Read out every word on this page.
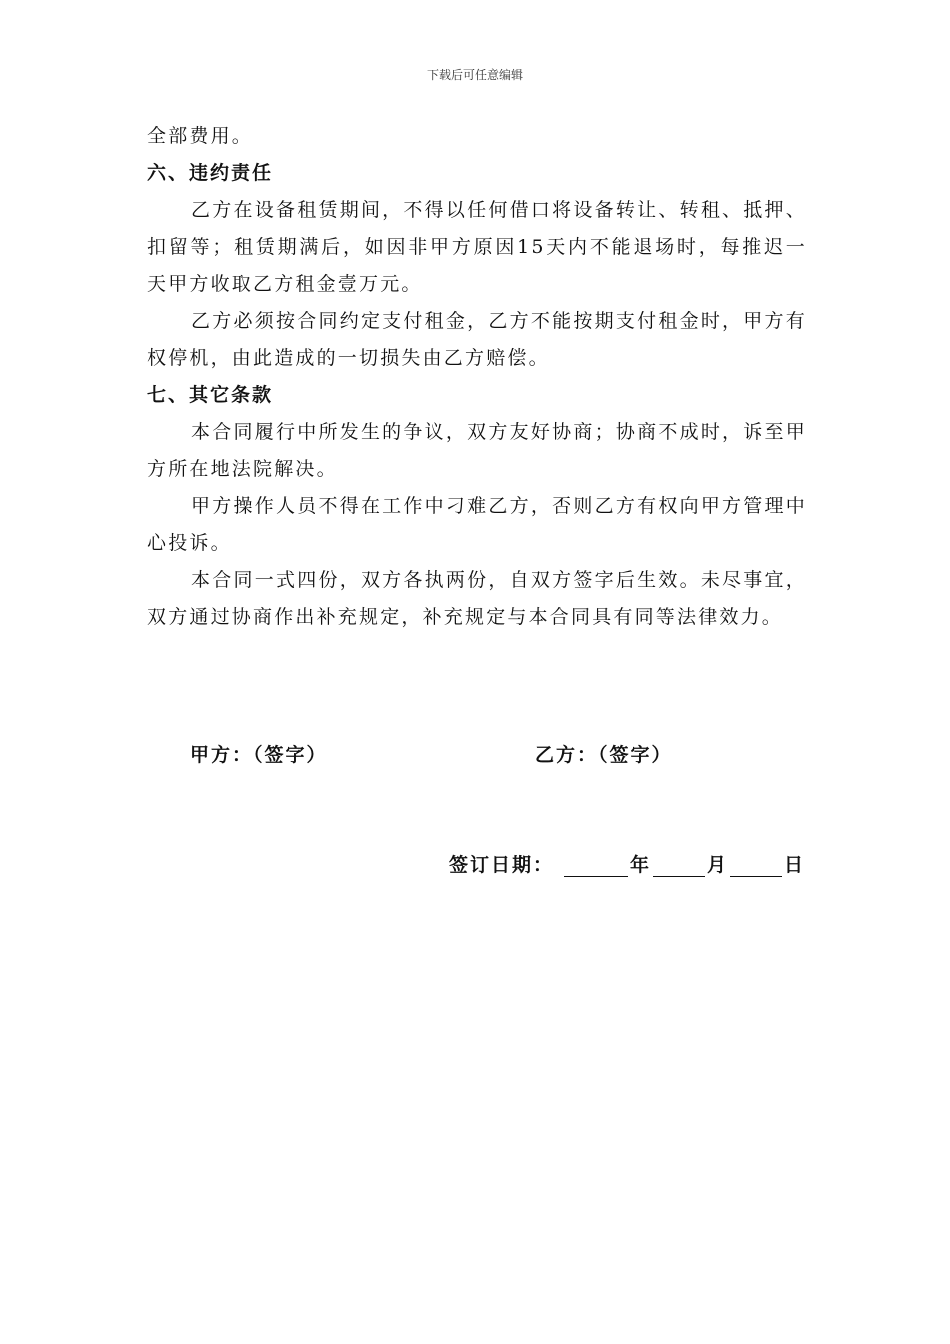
下载后可任意编辑

全部费用。

六、违约责任

乙方在设备租赁期间，不得以任何借口将设备转让、转租、抵押、扣留等；租赁期满后，如因非甲方原因15天内不能退场时，每推迟一天甲方收取乙方租金壹万元。

乙方必须按合同约定支付租金，乙方不能按期支付租金时，甲方有权停机，由此造成的一切损失由乙方赔偿。

七、其它条款

本合同履行中所发生的争议，双方友好协商；协商不成时，诉至甲方所在地法院解决。

甲方操作人员不得在工作中刁难乙方，否则乙方有权向甲方管理中心投诉。

本合同一式四份，双方各执两份，自双方签字后生效。未尽事宜，双方通过协商作出补充规定，补充规定与本合同具有同等法律效力。

甲方：（签字）	乙方：（签字）
签订日期：	年	月	日
